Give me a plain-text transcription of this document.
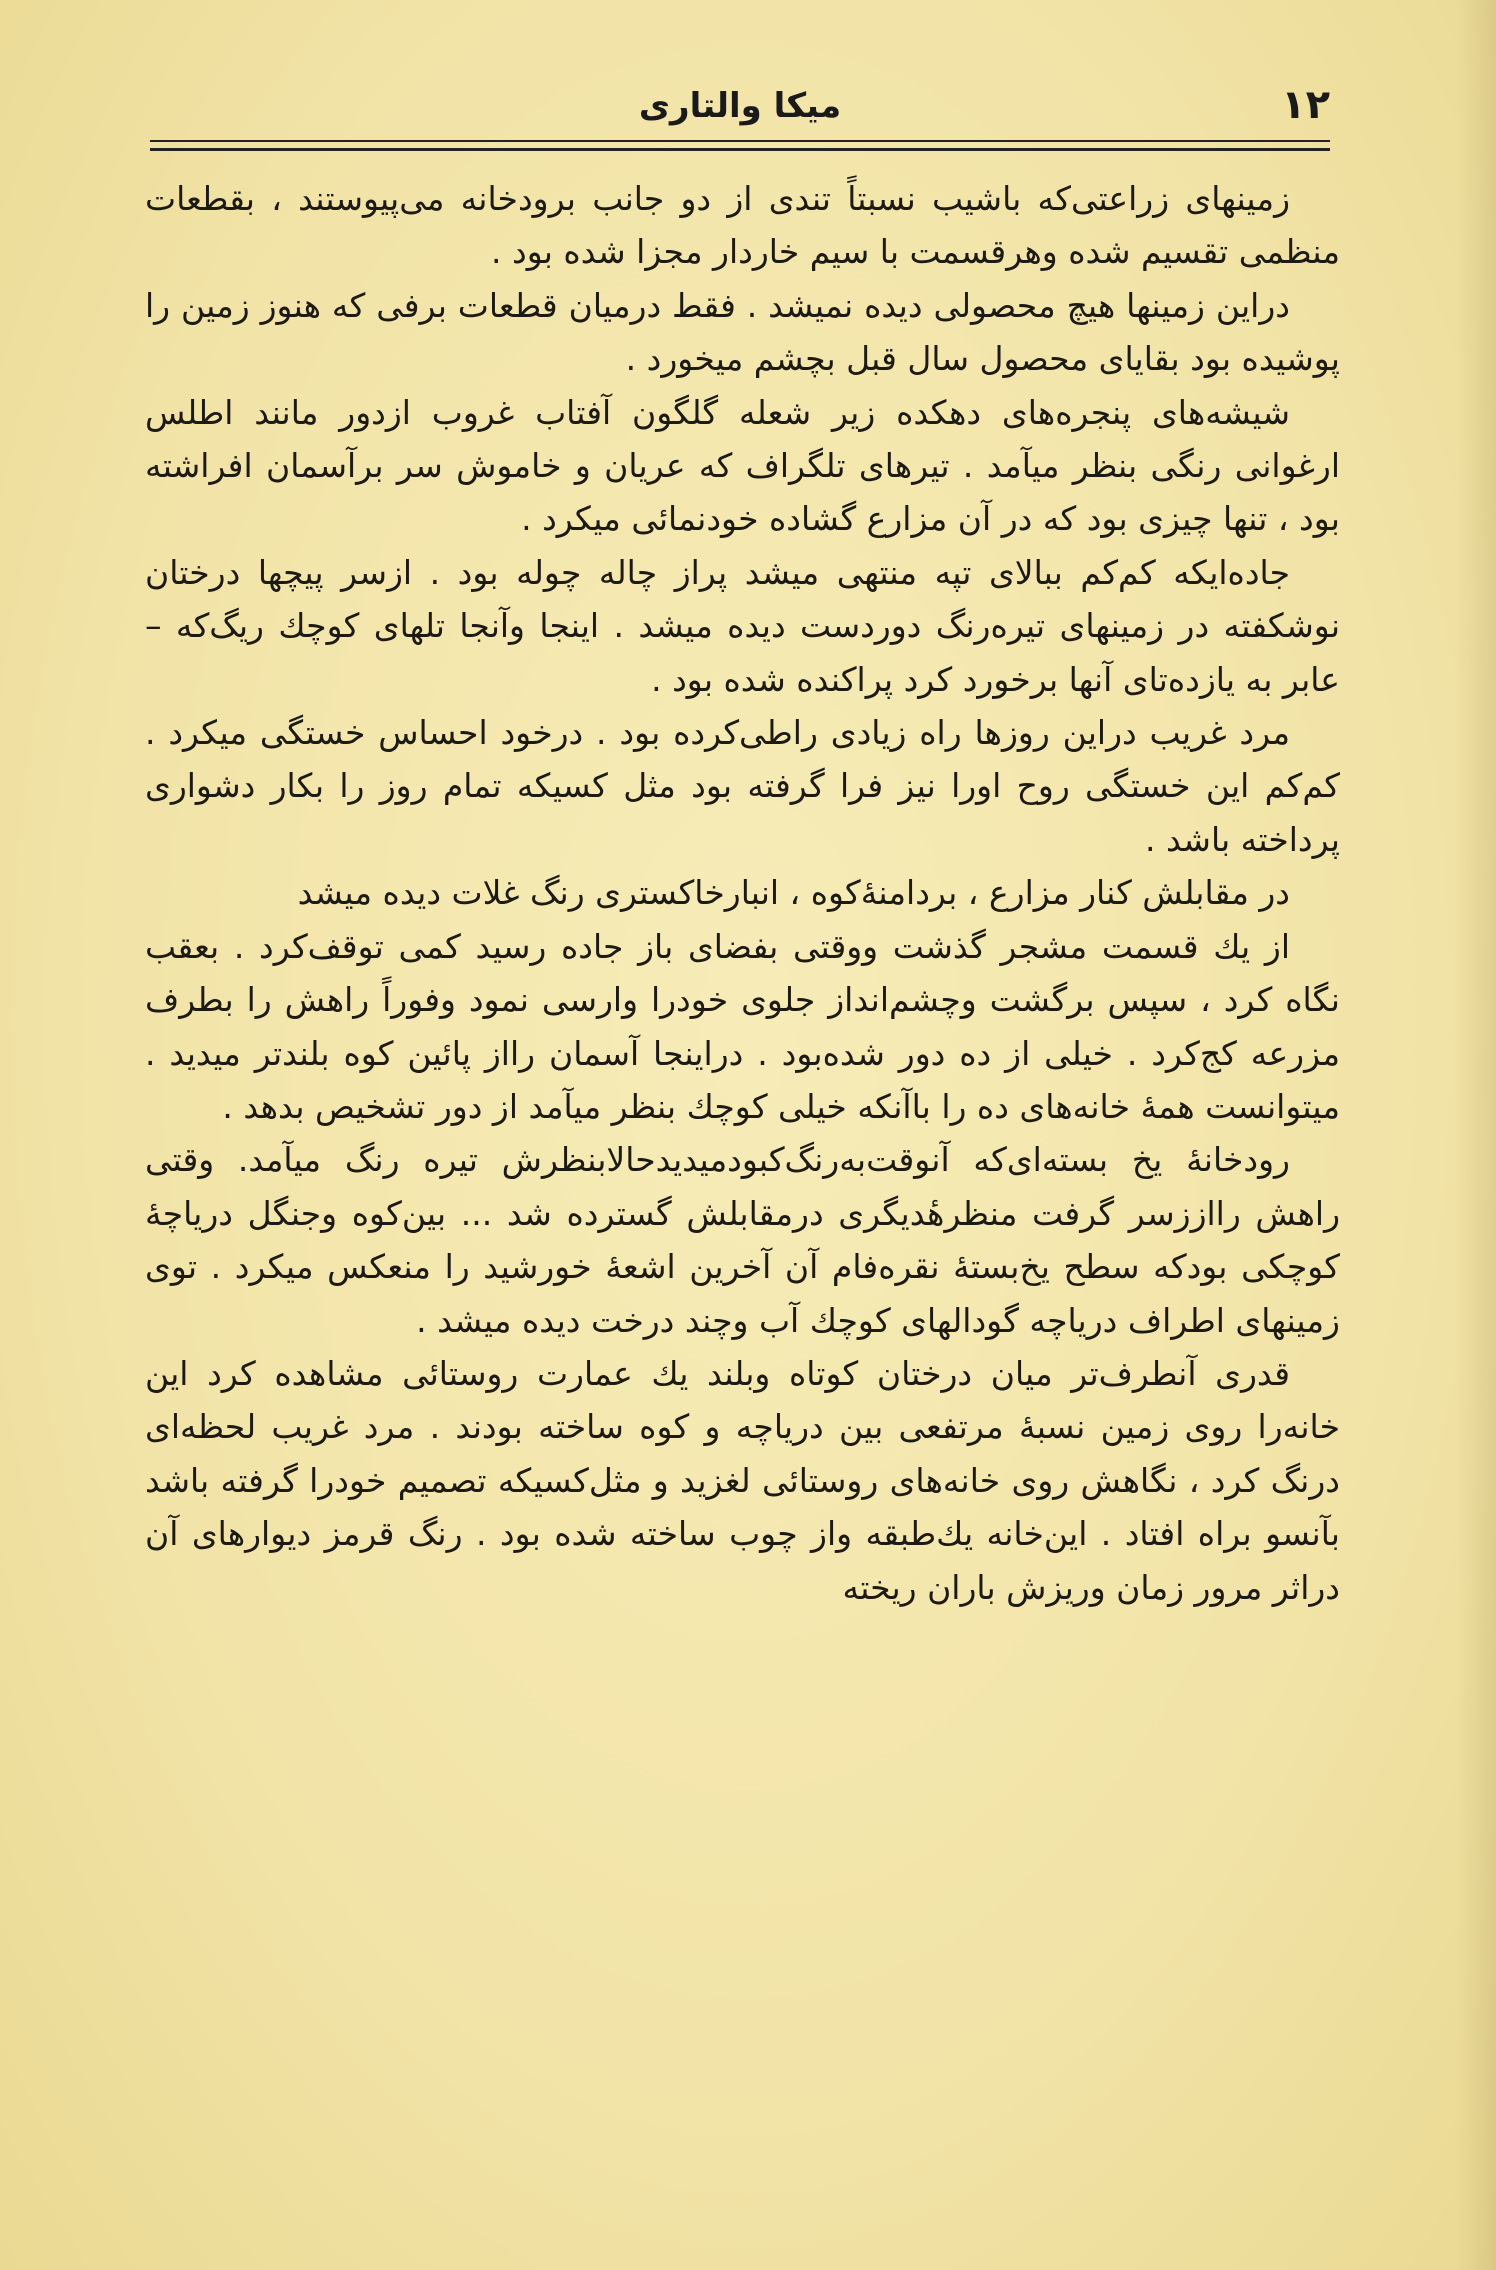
۱۲
میکا والتاری

زمینهای زراعتی‌که باشیب نسبتاً تندی از دو جانب برودخانه می‌پیوستند ، بقطعات منظمی تقسیم شده وهرقسمت با سیم خاردار مجزا شده بود .

دراین زمینها هیچ محصولی دیده نمیشد . فقط درمیان قطعات برفی که هنوز زمین را پوشیده بود بقایای محصول سال قبل بچشم میخورد .

شیشه‌های پنجره‌های دهکده زیر شعله گلگون آفتاب غروب ازدور مانند اطلس ارغوانی رنگی بنظر میآمد . تیرهای تلگراف که عریان و خاموش سر برآسمان افراشته بود ، تنها چیزی بود که در آن مزارع گشاده خودنمائی میکرد .

جاده‌ایکه کم‌کم ببالای تپه منتهی میشد پراز چاله چوله بود . ازسر پیچها درختان نوشکفته در زمینهای تیره‌رنگ دوردست دیده میشد . اینجا وآنجا تلهای کوچك ریگ‌که – عابر به یازده‌تای آنها برخورد کرد پراکنده شده بود .

مرد غریب دراین روزها راه زیادی راطی‌کرده بود . درخود احساس خستگی میکرد . کم‌کم این خستگی روح اورا نیز فرا گرفته بود مثل کسیکه تمام روز را بکار دشواری پرداخته باشد .

در مقابلش کنار مزارع ، بردامنهٔ‌کوه ، انبارخاکستری رنگ غلات دیده میشد

از یك قسمت مشجر گذشت ووقتی بفضای باز جاده رسید کمی توقف‌کرد . بعقب نگاه کرد ، سپس برگشت وچشم‌انداز جلوی خودرا وارسی نمود وفوراً راهش را بطرف مزرعه کج‌کرد . خیلی از ده دور شده‌بود . دراینجا آسمان رااز پائین کوه بلندتر میدید . میتوانست همهٔ خانه‌های ده را باآنکه خیلی کوچك بنظر میآمد از دور تشخیص بدهد .

رودخانهٔ یخ بسته‌ای‌که آنوقت‌به‌رنگ‌کبودمیدیدحالابنظرش تیره رنگ میآمد. وقتی راهش رااززسر گرفت منظرهٔدیگری درمقابلش گسترده شد ... بین‌کوه وجنگل دریاچهٔ کوچکی بودکه سطح یخ‌بستهٔ نقره‌فام آن آخرین اشعهٔ خورشید را منعکس میکرد . توی زمینهای اطراف دریاچه گودالهای کوچك آب وچند درخت دیده میشد .

قدری آنطرف‌تر میان درختان کوتاه وبلند یك عمارت روستائی مشاهده کرد این خانه‌را روی زمین نسبهٔ مرتفعی بین دریاچه و کوه ساخته بودند . مرد غریب لحظه‌ای درنگ کرد ، نگاهش روی خانه‌های روستائی لغزید و مثل‌کسیکه تصمیم خودرا گرفته باشد بآنسو براه افتاد . این‌خانه یك‌طبقه واز چوب ساخته شده بود . رنگ قرمز دیوارهای آن دراثر مرور زمان وریزش باران ریخته
